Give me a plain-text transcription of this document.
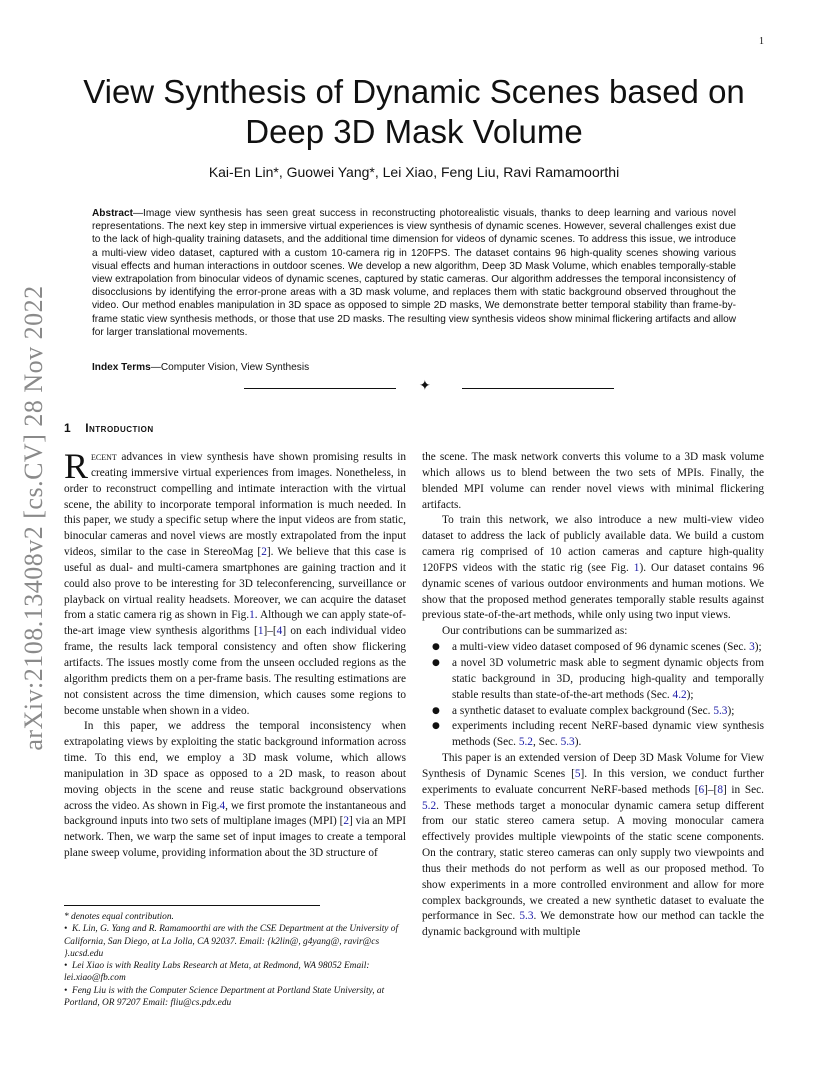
1
arXiv:2108.13408v2 [cs.CV] 28 Nov 2022
View Synthesis of Dynamic Scenes based on Deep 3D Mask Volume
Kai-En Lin*, Guowei Yang*, Lei Xiao, Feng Liu, Ravi Ramamoorthi
Abstract—Image view synthesis has seen great success in reconstructing photorealistic visuals, thanks to deep learning and various novel representations. The next key step in immersive virtual experiences is view synthesis of dynamic scenes. However, several challenges exist due to the lack of high-quality training datasets, and the additional time dimension for videos of dynamic scenes. To address this issue, we introduce a multi-view video dataset, captured with a custom 10-camera rig in 120FPS. The dataset contains 96 high-quality scenes showing various visual effects and human interactions in outdoor scenes. We develop a new algorithm, Deep 3D Mask Volume, which enables temporally-stable view extrapolation from binocular videos of dynamic scenes, captured by static cameras. Our algorithm addresses the temporal inconsistency of disocclusions by identifying the error-prone areas with a 3D mask volume, and replaces them with static background observed throughout the video. Our method enables manipulation in 3D space as opposed to simple 2D masks, We demonstrate better temporal stability than frame-by-frame static view synthesis methods, or those that use 2D masks. The resulting view synthesis videos show minimal flickering artifacts and allow for larger translational movements.
Index Terms—Computer Vision, View Synthesis
✦
1 Introduction

Recent advances in view synthesis have shown promising results in creating immersive virtual experiences from images. Nonetheless, in order to reconstruct compelling and intimate interaction with the virtual scene, the ability to incorporate temporal information is much needed. In this paper, we study a specific setup where the input videos are from static, binocular cameras and novel views are mostly extrapolated from the input videos, similar to the case in StereoMag [2]. We believe that this case is useful as dual- and multi-camera smartphones are gaining traction and it could also prove to be interesting for 3D teleconferencing, surveillance or playback on virtual reality headsets. Moreover, we can acquire the dataset from a static camera rig as shown in Fig.1. Although we can apply state-of-the-art image view synthesis algorithms [1]–[4] on each individual video frame, the results lack temporal consistency and often show flickering artifacts. The issues mostly come from the unseen occluded regions as the algorithm predicts them on a per-frame basis. The resulting estimations are not consistent across the time dimension, which causes some regions to become unstable when shown in a video.

In this paper, we address the temporal inconsistency when extrapolating views by exploiting the static background information across time. To this end, we employ a 3D mask volume, which allows manipulation in 3D space as opposed to a 2D mask, to reason about moving objects in the scene and reuse static background observations across the video. As shown in Fig.4, we first promote the instantaneous and background inputs into two sets of multiplane images (MPI) [2] via an MPI network. Then, we warp the same set of input images to create a temporal plane sweep volume, providing information about the 3D structure of

* denotes equal contribution.

• K. Lin, G. Yang and R. Ramamoorthi are with the CSE Department at the University of California, San Diego, at La Jolla, CA 92037. Email: {k2lin@, g4yang@, ravir@cs }.ucsd.edu

• Lei Xiao is with Reality Labs Research at Meta, at Redmond, WA 98052 Email: lei.xiao@fb.com

• Feng Liu is with the Computer Science Department at Portland State University, at Portland, OR 97207 Email: fliu@cs.pdx.edu

the scene. The mask network converts this volume to a 3D mask volume which allows us to blend between the two sets of MPIs. Finally, the blended MPI volume can render novel views with minimal flickering artifacts.

To train this network, we also introduce a new multi-view video dataset to address the lack of publicly available data. We build a custom camera rig comprised of 10 action cameras and capture high-quality 120FPS videos with the static rig (see Fig. 1). Our dataset contains 96 dynamic scenes of various outdoor environments and human motions. We show that the proposed method generates temporally stable results against previous state-of-the-art methods, while only using two input views.

Our contributions can be summarized as:

● a multi-view video dataset composed of 96 dynamic scenes (Sec. 3);
● a novel 3D volumetric mask able to segment dynamic objects from static background in 3D, producing high-quality and temporally stable results than state-of-the-art methods (Sec. 4.2);
● a synthetic dataset to evaluate complex background (Sec. 5.3);
● experiments including recent NeRF-based dynamic view synthesis methods (Sec. 5.2, Sec. 5.3).

This paper is an extended version of Deep 3D Mask Volume for View Synthesis of Dynamic Scenes [5]. In this version, we conduct further experiments to evaluate concurrent NeRF-based methods [6]–[8] in Sec. 5.2. These methods target a monocular dynamic camera setup different from our static stereo camera setup. A moving monocular camera effectively provides multiple viewpoints of the static scene components. On the contrary, static stereo cameras can only supply two viewpoints and thus their methods do not perform as well as our proposed method. To show experiments in a more controlled environment and allow for more complex backgrounds, we created a new synthetic dataset to evaluate the performance in Sec. 5.3. We demonstrate how our method can tackle the dynamic background with multiple
